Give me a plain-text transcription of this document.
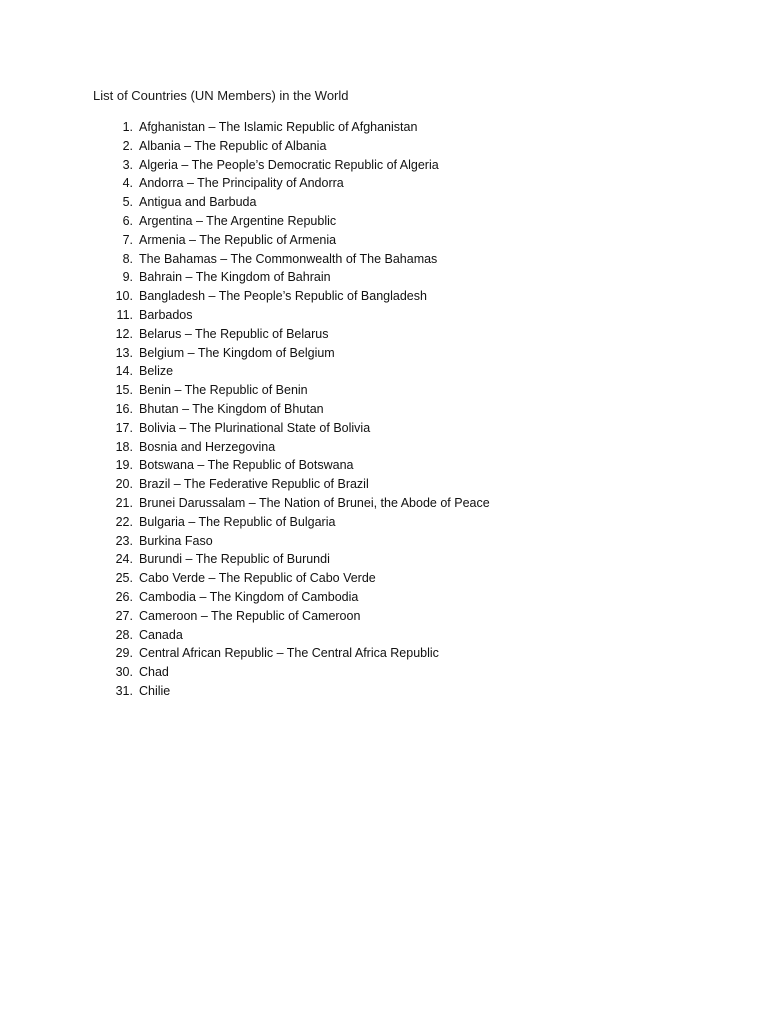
List of Countries (UN Members) in the World
1. Afghanistan – The Islamic Republic of Afghanistan
2. Albania – The Republic of Albania
3. Algeria – The People’s Democratic Republic of Algeria
4. Andorra – The Principality of Andorra
5. Antigua and Barbuda
6. Argentina – The Argentine Republic
7. Armenia – The Republic of Armenia
8. The Bahamas – The Commonwealth of The Bahamas
9. Bahrain – The Kingdom of Bahrain
10. Bangladesh – The People’s Republic of Bangladesh
11. Barbados
12. Belarus – The Republic of Belarus
13. Belgium – The Kingdom of Belgium
14. Belize
15. Benin – The Republic of Benin
16. Bhutan – The Kingdom of Bhutan
17. Bolivia – The Plurinational State of Bolivia
18. Bosnia and Herzegovina
19. Botswana – The Republic of Botswana
20. Brazil – The Federative Republic of Brazil
21. Brunei Darussalam – The Nation of Brunei, the Abode of Peace
22. Bulgaria – The Republic of Bulgaria
23. Burkina Faso
24. Burundi – The Republic of Burundi
25. Cabo Verde – The Republic of Cabo Verde
26. Cambodia – The Kingdom of Cambodia
27. Cameroon – The Republic of Cameroon
28. Canada
29. Central African Republic – The Central Africa Republic
30. Chad
31. Chilie
